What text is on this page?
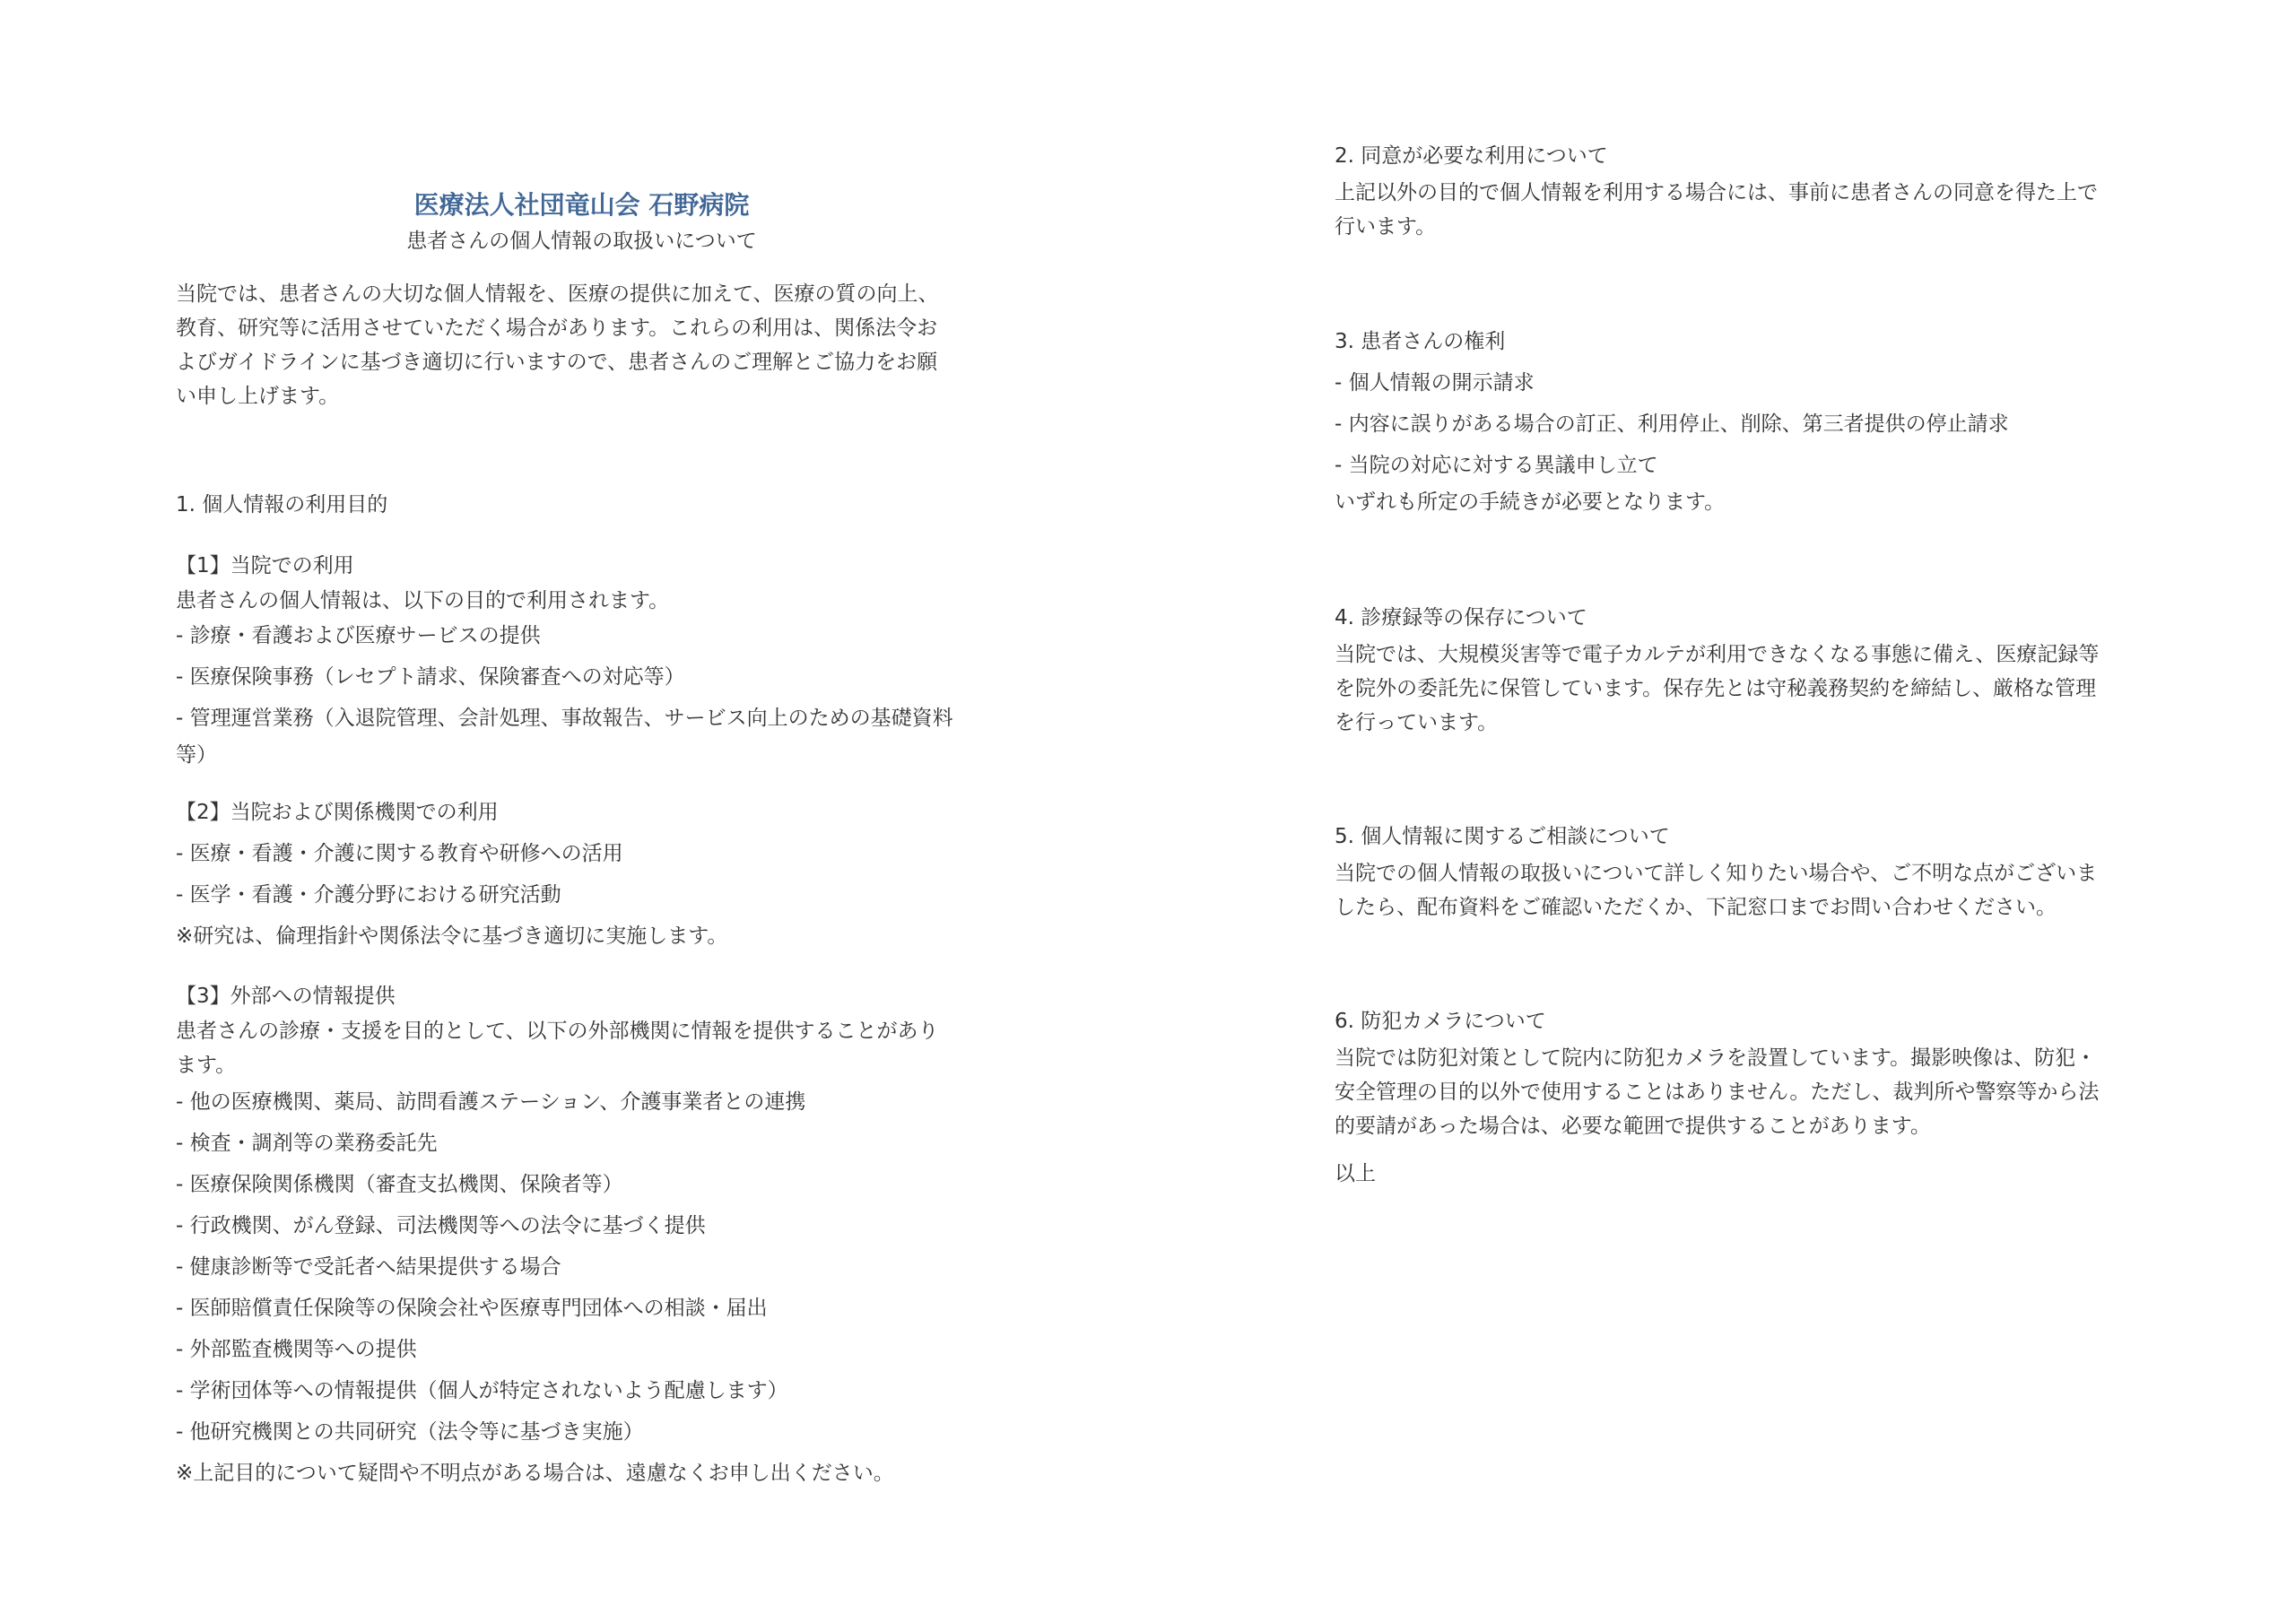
医療法人社団竜山会 石野病院
患者さんの個人情報の取扱いについて
当院では、患者さんの大切な個人情報を、医療の提供に加えて、医療の質の向上、
教育、研究等に活用させていただく場合があります。これらの利用は、関係法令お
よびガイドラインに基づき適切に行いますので、患者さんのご理解とご協力をお願
い申し上げます。
1. 個人情報の利用目的
【1】当院での利用
患者さんの個人情報は、以下の目的で利用されます。
- 診療・看護および医療サービスの提供
- 医療保険事務（レセプト請求、保険審査への対応等）
- 管理運営業務（入退院管理、会計処理、事故報告、サービス向上のための基礎資料
等）
【2】当院および関係機関での利用
- 医療・看護・介護に関する教育や研修への活用
- 医学・看護・介護分野における研究活動
※研究は、倫理指針や関係法令に基づき適切に実施します。
【3】外部への情報提供
患者さんの診療・支援を目的として、以下の外部機関に情報を提供することがあり
ます。
- 他の医療機関、薬局、訪問看護ステーション、介護事業者との連携
- 検査・調剤等の業務委託先
- 医療保険関係機関（審査支払機関、保険者等）
- 行政機関、がん登録、司法機関等への法令に基づく提供
- 健康診断等で受託者へ結果提供する場合
- 医師賠償責任保険等の保険会社や医療専門団体への相談・届出
- 外部監査機関等への提供
- 学術団体等への情報提供（個人が特定されないよう配慮します）
- 他研究機関との共同研究（法令等に基づき実施）
※上記目的について疑問や不明点がある場合は、遠慮なくお申し出ください。
2. 同意が必要な利用について
上記以外の目的で個人情報を利用する場合には、事前に患者さんの同意を得た上で
行います。
3. 患者さんの権利
- 個人情報の開示請求
- 内容に誤りがある場合の訂正、利用停止、削除、第三者提供の停止請求
- 当院の対応に対する異議申し立て
いずれも所定の手続きが必要となります。
4. 診療録等の保存について
当院では、大規模災害等で電子カルテが利用できなくなる事態に備え、医療記録等
を院外の委託先に保管しています。保存先とは守秘義務契約を締結し、厳格な管理
を行っています。
5. 個人情報に関するご相談について
当院での個人情報の取扱いについて詳しく知りたい場合や、ご不明な点がございま
したら、配布資料をご確認いただくか、下記窓口までお問い合わせください。
6. 防犯カメラについて
当院では防犯対策として院内に防犯カメラを設置しています。撮影映像は、防犯・
安全管理の目的以外で使用することはありません。ただし、裁判所や警察等から法
的要請があった場合は、必要な範囲で提供することがあります。
以上
